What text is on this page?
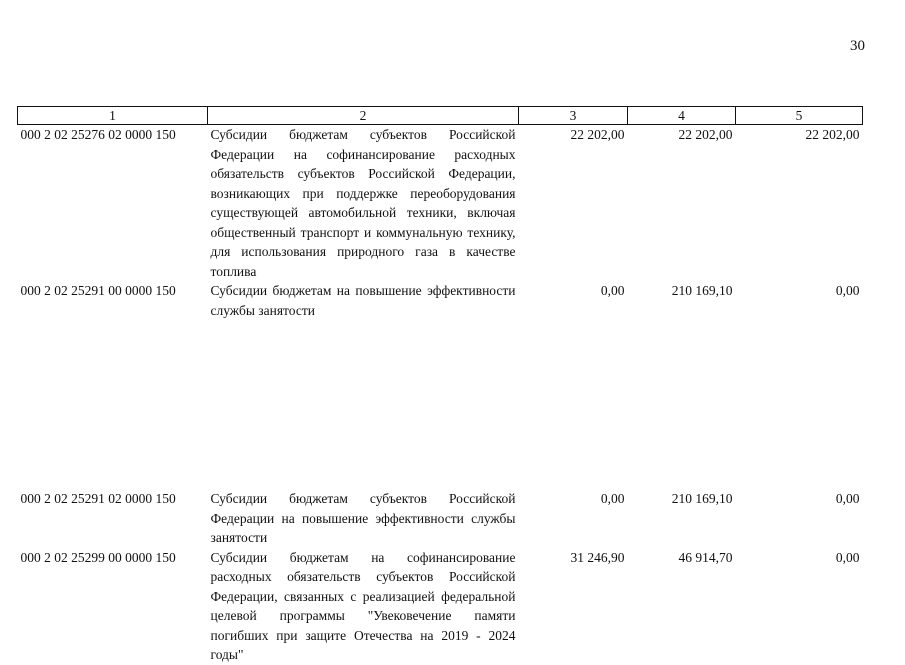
30
1	2	3	4	5
000 2 02 25276 02 0000 150	Субсидии бюджетам субъектов Российской Федерации на софинансирование расходных обязательств субъектов Российской Федерации, возникающих при поддержке переоборудования существующей автомобильной техники, включая общественный транспорт и коммунальную технику, для использования природного газа в качестве топлива	22 202,00	22 202,00	22 202,00
000 2 02 25291 00 0000 150	Субсидии бюджетам на повышение эффективности службы занятости	0,00	210 169,10	0,00
000 2 02 25291 02 0000 150	Субсидии бюджетам субъектов Российской Федерации на повышение эффективности службы занятости	0,00	210 169,10	0,00
000 2 02 25299 00 0000 150	Субсидии бюджетам на софинансирование расходных обязательств субъектов Российской Федерации, связанных с реализацией федеральной целевой программы "Увековечение памяти погибших при защите Отечества на 2019 - 2024 годы"	31 246,90	46 914,70	0,00
